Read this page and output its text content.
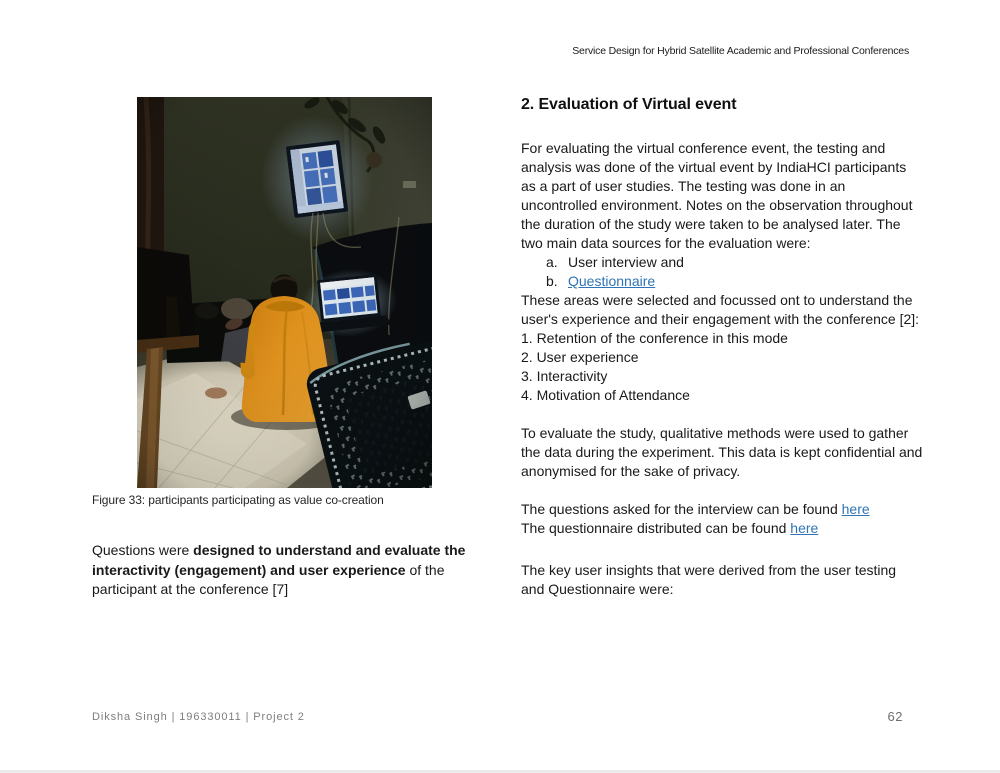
Service Design for Hybrid Satellite Academic and Professional Conferences
Figure 33: participants participating as value co-creation

Questions were designed to understand and evaluate the interactivity (engagement) and user experience of the participant at the conference [7]

2. Evaluation of Virtual event

For evaluating the virtual conference event, the testing and analysis was done of the virtual event by IndiaHCI participants as a part of user studies. The testing was done in an uncontrolled environment. Notes on the observation throughout the duration of the study were taken to be analysed later. The two main data sources for the evaluation were:

a. User interview and
b. Questionnaire

These areas were selected and focussed ont to understand the user's experience and their engagement with the conference [2]:

1. Retention of the conference in this mode
2. User experience
3. Interactivity
4. Motivation of Attendance

To evaluate the study, qualitative methods were used to gather the data during the experiment. This data is kept confidential and anonymised for the sake of privacy.

The questions asked for the interview can be found here

The questionnaire distributed can be found here

The key user insights that were derived from the user testing and Questionnaire were:

Diksha Singh | 196330011 | Project 2	62
